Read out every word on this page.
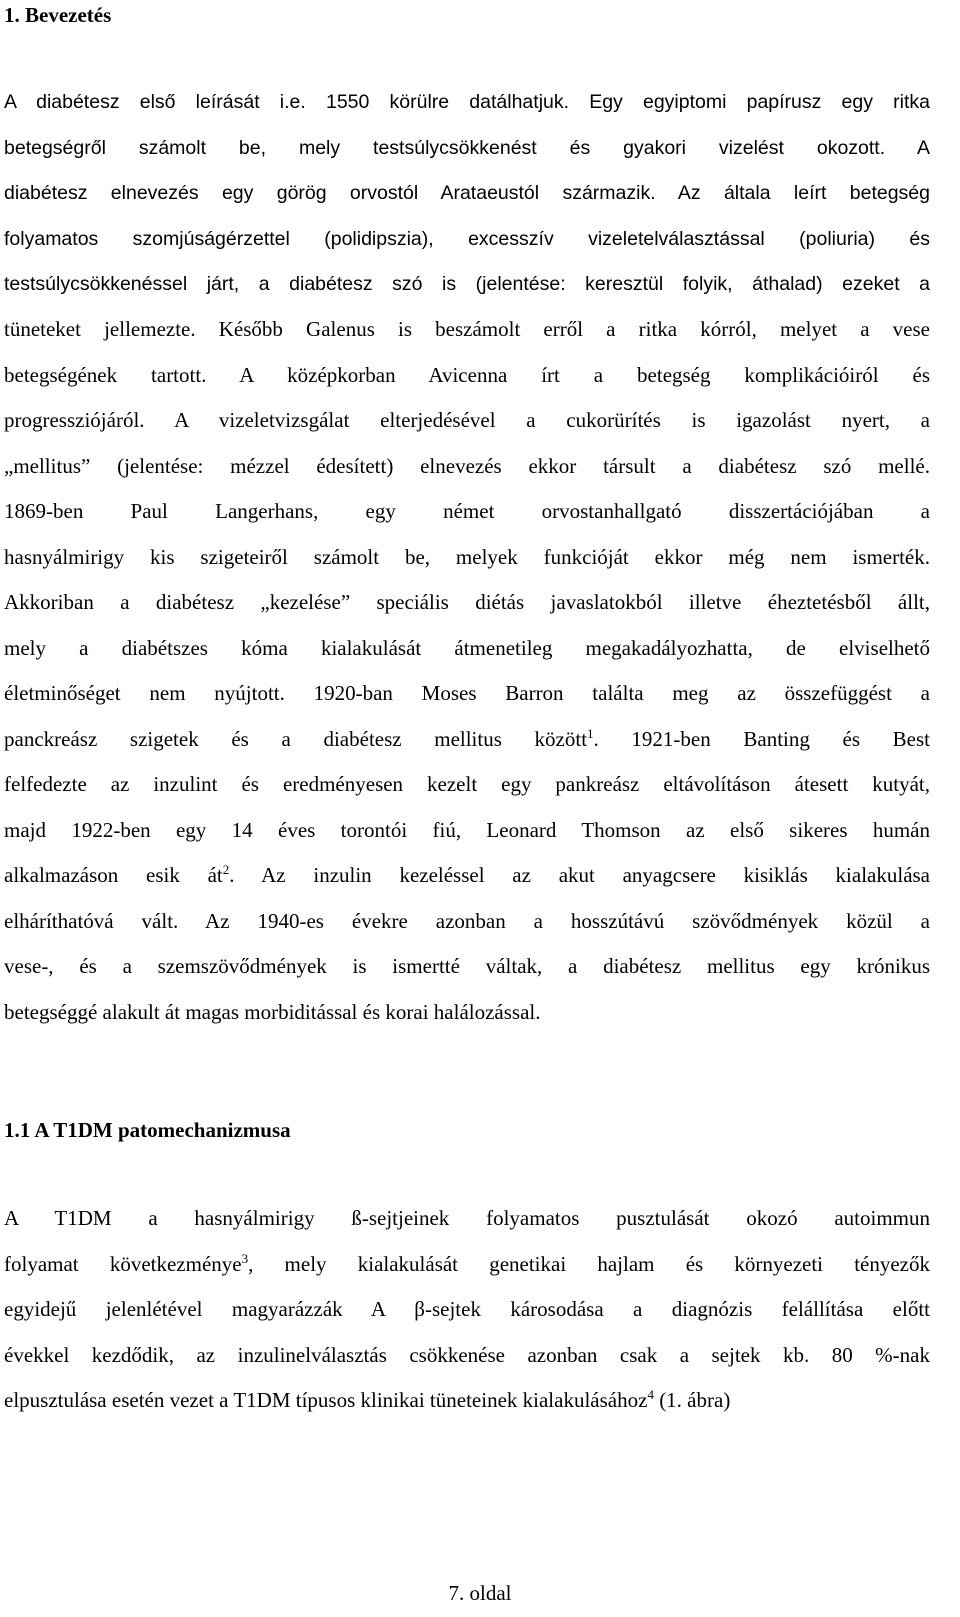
1. Bevezetés
A diabétesz első leírását i.e. 1550 körülre datálhatjuk. Egy egyiptomi papírusz egy ritka
betegségről számolt be, mely testsúlycsökkenést és gyakori vizelést okozott. A
diabétesz elnevezés egy görög orvostól Arataeustól származik. Az általa leírt betegség
folyamatos szomjúságérzettel (polidipszia), excesszív vizeletelválasztással (poliuria) és
testsúlycsökkenéssel járt, a diabétesz szó is (jelentése: keresztül folyik, áthalad) ezeket a
tüneteket jellemezte. Később Galenus is beszámolt erről a ritka kórról, melyet a vese
betegségének tartott. A középkorban Avicenna írt a betegség komplikációiról és
progressziójáról. A vizeletvizsgálat elterjedésével a cukorürítés is igazolást nyert, a
„mellitus” (jelentése: mézzel édesített) elnevezés ekkor társult a diabétesz szó mellé.
1869-ben Paul Langerhans, egy német orvostanhallgató disszertációjában a
hasnyálmirigy kis szigeteiről számolt be, melyek funkcióját ekkor még nem ismerték.
Akkoriban a diabétesz „kezelése” speciális diétás javaslatokból illetve éheztetésből állt,
mely a diabétszes kóma kialakulását átmenetileg megakadályozhatta, de elviselhető
életminőséget nem nyújtott. 1920-ban Moses Barron találta meg az összefüggést a
panckreász szigetek és a diabétesz mellitus között$^1$. 1921-ben Banting és Best
felfedezte az inzulint és eredményesen kezelt egy pankreász eltávolításon átesett kutyát,
majd 1922-ben egy 14 éves torontói fiú, Leonard Thomson az első sikeres humán
alkalmazáson esik $át^2$. Az inzulin kezeléssel az akut anyagcsere kisiklás kialakulása
elháríthatóvá vált. Az 1940-es évekre azonban a hosszútávú szövődmények közül a
vese-, és a szemszövődmények is ismertté váltak, a diabétesz mellitus egy krónikus
betegséggé alakult át magas morbiditással és korai halálozással.
1.1 A T1DM patomechanizmusa
A T1DM a hasnyálmirigy ß-sejtjeinek folyamatos pusztulását okozó autoimmun
folyamat következménye$^3$, mely kialakulását genetikai hajlam és környezeti tényezők
egyidejű jelenlétével magyarázzák A β-sejtek károsodása a diagnózis felállítása előtt
évekkel kezdődik, az inzulinelválasztás csökkenése azonban csak a sejtek kb. 80 %-nak
elpusztulása esetén vezet a T1DM típusos klinikai tüneteinek kialakulásához$^4$ (1. ábra)
7. oldal
